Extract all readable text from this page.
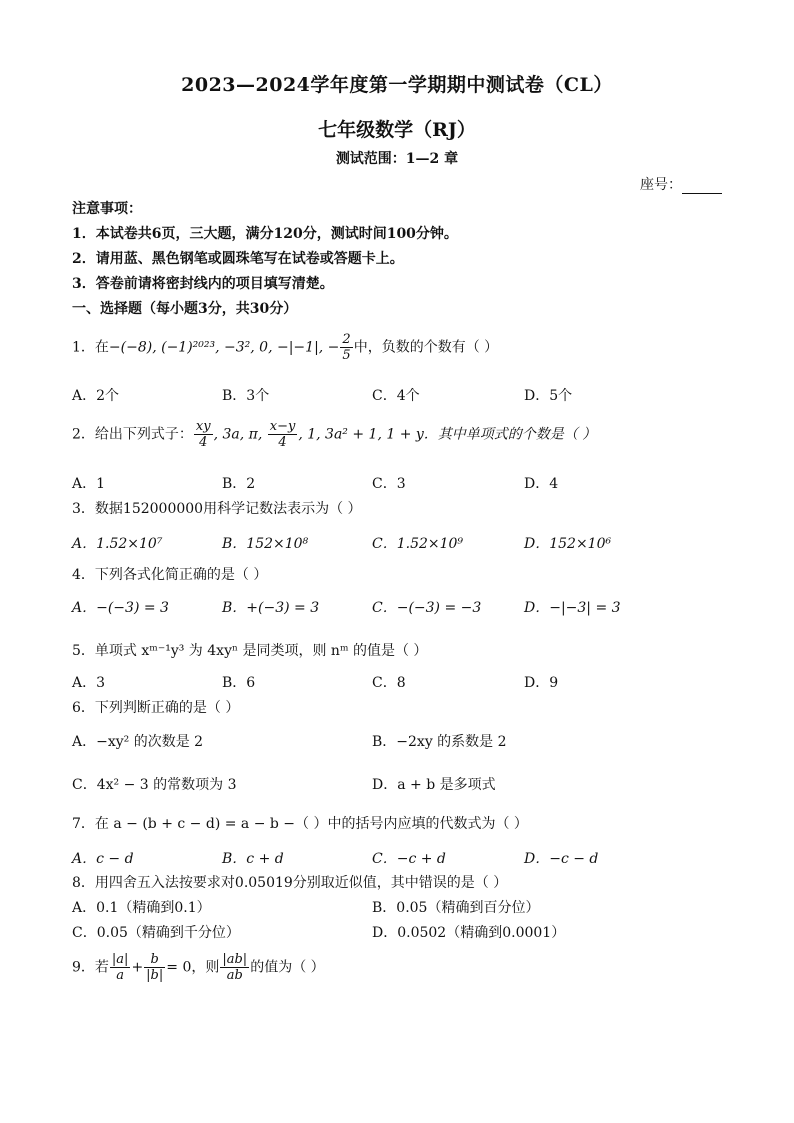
2023—2024学年度第一学期期中测试卷（CL）
七年级数学（RJ）
测试范围：1—2 章
座号：
注意事项：
1．本试卷共6页，三大题，满分120分，测试时间100分钟。
2．请用蓝、黑色钢笔或圆珠笔写在试卷或答题卡上。
3．答卷前请将密封线内的项目填写清楚。
一、选择题（每小题3分，共30分）
1．在−(−8), (−1)²⁰²³, −3², 0, −|−1|, − $\frac{2}{5}$ 中，负数的个数有（ ）
A．2个	B．3个	C．4个	D．5个
2．给出下列式子： $\frac{xy}{4}$ , 3a, π, $\frac{x-y}{4}$ , 1, 3a² + 1, 1 + y．其中单项式的个数是（ ）
A．1	B．2	C．3	D．4
3．数据152000000用科学记数法表示为（ ）
A．1.52×10⁷	B．152×10⁸	C．1.52×10⁹	D．152×10⁶
4．下列各式化简正确的是（ ）
A．−(−3) = 3	B．+(−3) = 3	C．−(−3) = −3	D．−|−3| = 3
5．单项式 xᵐ⁻¹y³ 为 4xyⁿ 是同类项，则 nᵐ 的值是（ ）
A．3	B．6	C．8	D．9
6．下列判断正确的是（ ）
A．−xy² 的次数是 2	B．−2xy 的系数是 2
C．4x² − 3 的常数项为 3	D．a + b 是多项式
7．在 a − (b + c − d) = a − b −（ ）中的括号内应填的代数式为（ ）
A．c − d	B．c + d	C．−c + d	D．−c − d
8．用四舍五入法按要求对0.05019分别取近似值，其中错误的是（ ）
A．0.1（精确到0.1）	B．0.05（精确到百分位）
C．0.05（精确到千分位）	D．0.0502（精确到0.0001）
9．若 $\frac{|a|}{a} + \frac{b}{|b|} = 0$，则 $\frac{|ab|}{ab}$ 的值为（ ）
